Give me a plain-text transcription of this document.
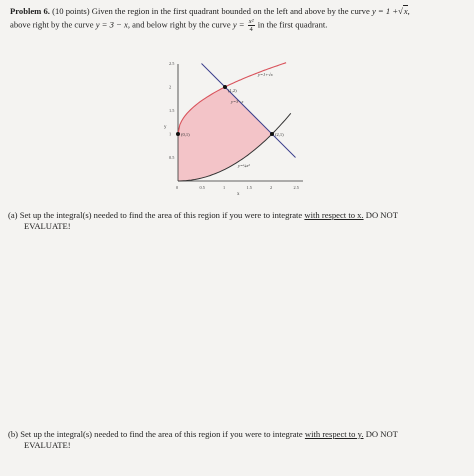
Problem 6. (10 points) Given the region in the first quadrant bounded on the left and above by the curve y = 1 +√x,
above right by the curve y = 3 − x, and below right by the curve $y = \frac{\text{x²}}{4}$ in the first quadrant.
2.5
2
1.5
1
0.5
0	0.5	1	1.5	2	2.5
y
x
(0,1)
(1,2)
(2,1)
y=1+√x
y=3−x
y=¼x²
(a) Set up the integral(s) needed to find the area of this region if you were to integrate with respect to x. DO NOT
EVALUATE!
(b) Set up the integral(s) needed to find the area of this region if you were to integrate with respect to y. DO NOT
EVALUATE!
